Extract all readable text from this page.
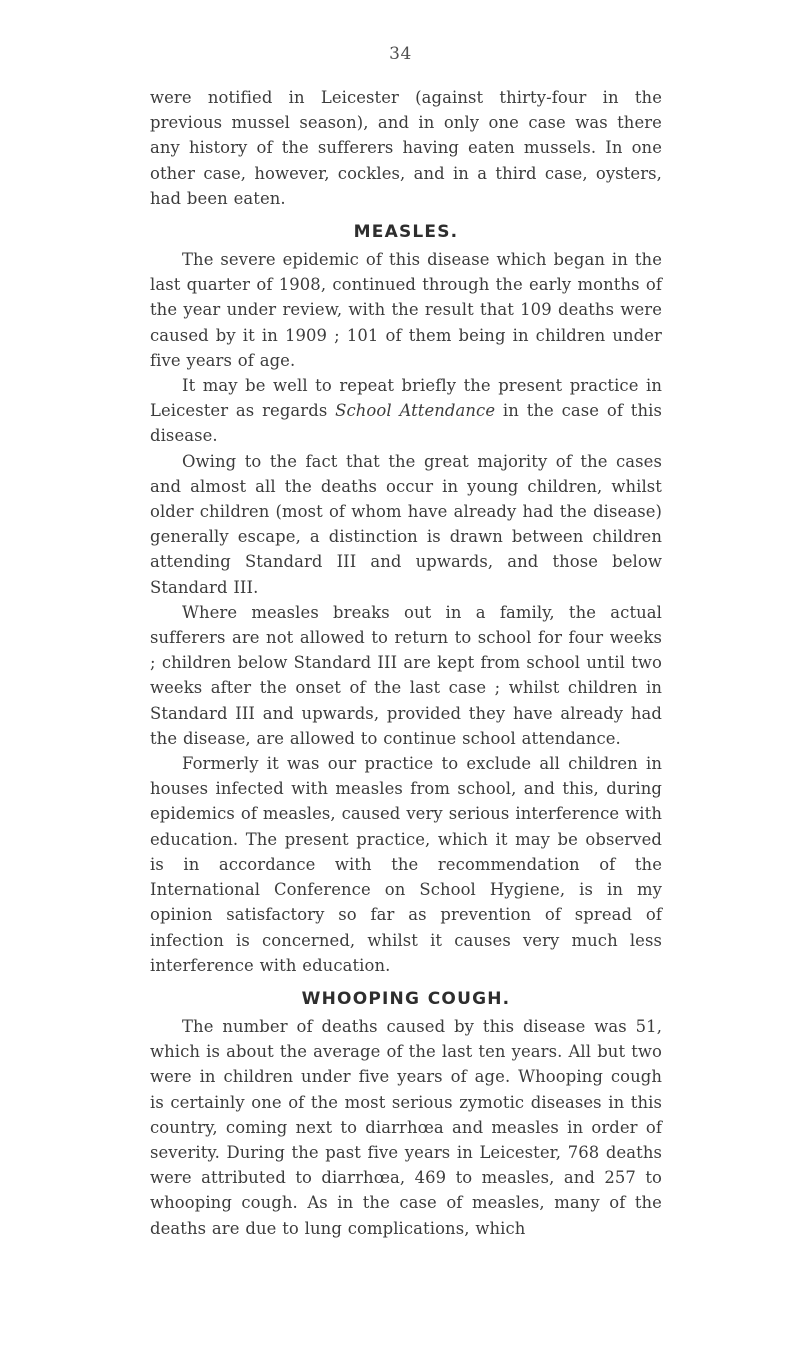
34

were notified in Leicester (against thirty-four in the previous mussel season), and in only one case was there any history of the sufferers having eaten mussels. In one other case, however, cockles, and in a third case, oysters, had been eaten.

MEASLES.

The severe epidemic of this disease which began in the last quarter of 1908, continued through the early months of the year under review, with the result that 109 deaths were caused by it in 1909 ; 101 of them being in children under five years of age.

It may be well to repeat briefly the present practice in Leicester as regards School Attendance in the case of this disease.

Owing to the fact that the great majority of the cases and almost all the deaths occur in young children, whilst older children (most of whom have already had the disease) generally escape, a distinction is drawn between children attending Standard III and upwards, and those below Standard III.

Where measles breaks out in a family, the actual sufferers are not allowed to return to school for four weeks ; children below Standard III are kept from school until two weeks after the onset of the last case ; whilst children in Standard III and upwards, provided they have already had the disease, are allowed to continue school attendance.

Formerly it was our practice to exclude all children in houses infected with measles from school, and this, during epidemics of measles, caused very serious interference with education. The present practice, which it may be observed is in accordance with the recommendation of the International Conference on School Hygiene, is in my opinion satisfactory so far as prevention of spread of infection is concerned, whilst it causes very much less interference with education.

WHOOPING COUGH.

The number of deaths caused by this disease was 51, which is about the average of the last ten years. All but two were in children under five years of age. Whooping cough is certainly one of the most serious zymotic diseases in this country, coming next to diarrhœa and measles in order of severity. During the past five years in Leicester, 768 deaths were attributed to diarrhœa, 469 to measles, and 257 to whooping cough. As in the case of measles, many of the deaths are due to lung complications, which
